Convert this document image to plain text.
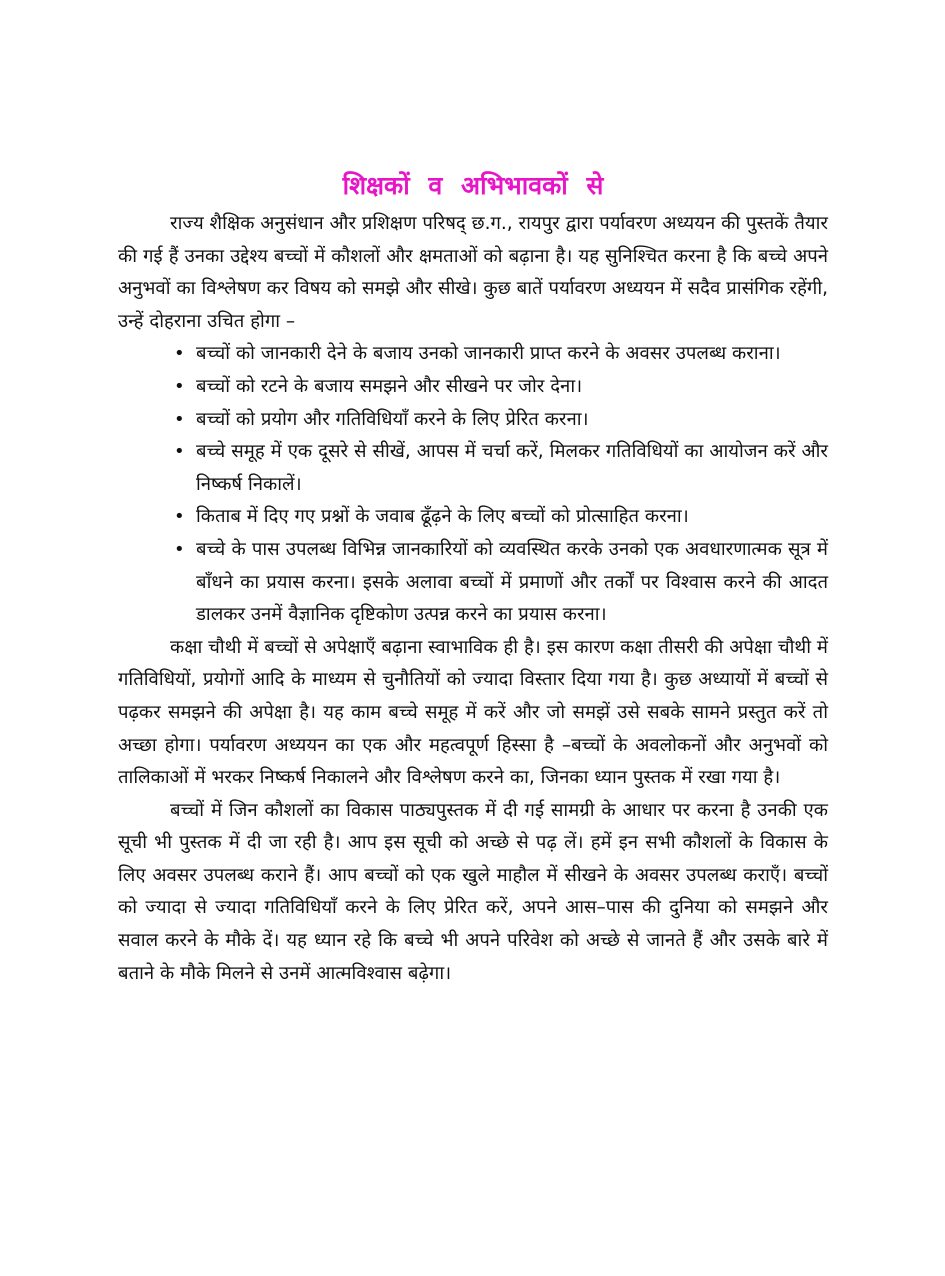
शिक्षकों व अभिभावकों से

राज्य शैक्षिक अनुसंधान और प्रशिक्षण परिषद् छ.ग., रायपुर द्वारा पर्यावरण अध्ययन की पुस्तकें तैयार की गई हैं उनका उद्देश्य बच्चों में कौशलों और क्षमताओं को बढ़ाना है। यह सुनिश्चित करना है कि बच्चे अपने अनुभवों का विश्लेषण कर विषय को समझे और सीखे। कुछ बातें पर्यावरण अध्ययन में सदैव प्रासंगिक रहेंगी, उन्हें दोहराना उचित होगा –

• बच्चों को जानकारी देने के बजाय उनको जानकारी प्राप्त करने के अवसर उपलब्ध कराना।
• बच्चों को रटने के बजाय समझने और सीखने पर जोर देना।
• बच्चों को प्रयोग और गतिविधियाँ करने के लिए प्रेरित करना।
• बच्चे समूह में एक दूसरे से सीखें, आपस में चर्चा करें, मिलकर गतिविधियों का आयोजन करें और निष्कर्ष निकालें।
• किताब में दिए गए प्रश्नों के जवाब ढूँढ़ने के लिए बच्चों को प्रोत्साहित करना।
• बच्चे के पास उपलब्ध विभिन्न जानकारियों को व्यवस्थित करके उनको एक अवधारणात्मक सूत्र में बाँधने का प्रयास करना। इसके अलावा बच्चों में प्रमाणों और तर्कों पर विश्वास करने की आदत डालकर उनमें वैज्ञानिक दृष्टिकोण उत्पन्न करने का प्रयास करना।

कक्षा चौथी में बच्चों से अपेक्षाएँ बढ़ाना स्वाभाविक ही है। इस कारण कक्षा तीसरी की अपेक्षा चौथी में गतिविधियों, प्रयोगों आदि के माध्यम से चुनौतियों को ज्यादा विस्तार दिया गया है। कुछ अध्यायों में बच्चों से पढ़कर समझने की अपेक्षा है। यह काम बच्चे समूह में करें और जो समझें उसे सबके सामने प्रस्तुत करें तो अच्छा होगा। पर्यावरण अध्ययन का एक और महत्वपूर्ण हिस्सा है –बच्चों के अवलोकनों और अनुभवों को तालिकाओं में भरकर निष्कर्ष निकालने और विश्लेषण करने का, जिनका ध्यान पुस्तक में रखा गया है।

बच्चों में जिन कौशलों का विकास पाठ्यपुस्तक में दी गई सामग्री के आधार पर करना है उनकी एक सूची भी पुस्तक में दी जा रही है। आप इस सूची को अच्छे से पढ़ लें। हमें इन सभी कौशलों के विकास के लिए अवसर उपलब्ध कराने हैं। आप बच्चों को एक खुले माहौल में सीखने के अवसर उपलब्ध कराएँ। बच्चों को ज्यादा से ज्यादा गतिविधियाँ करने के लिए प्रेरित करें, अपने आस–पास की दुनिया को समझने और सवाल करने के मौके दें। यह ध्यान रहे कि बच्चे भी अपने परिवेश को अच्छे से जानते हैं और उसके बारे में बताने के मौके मिलने से उनमें आत्मविश्वास बढ़ेगा।
